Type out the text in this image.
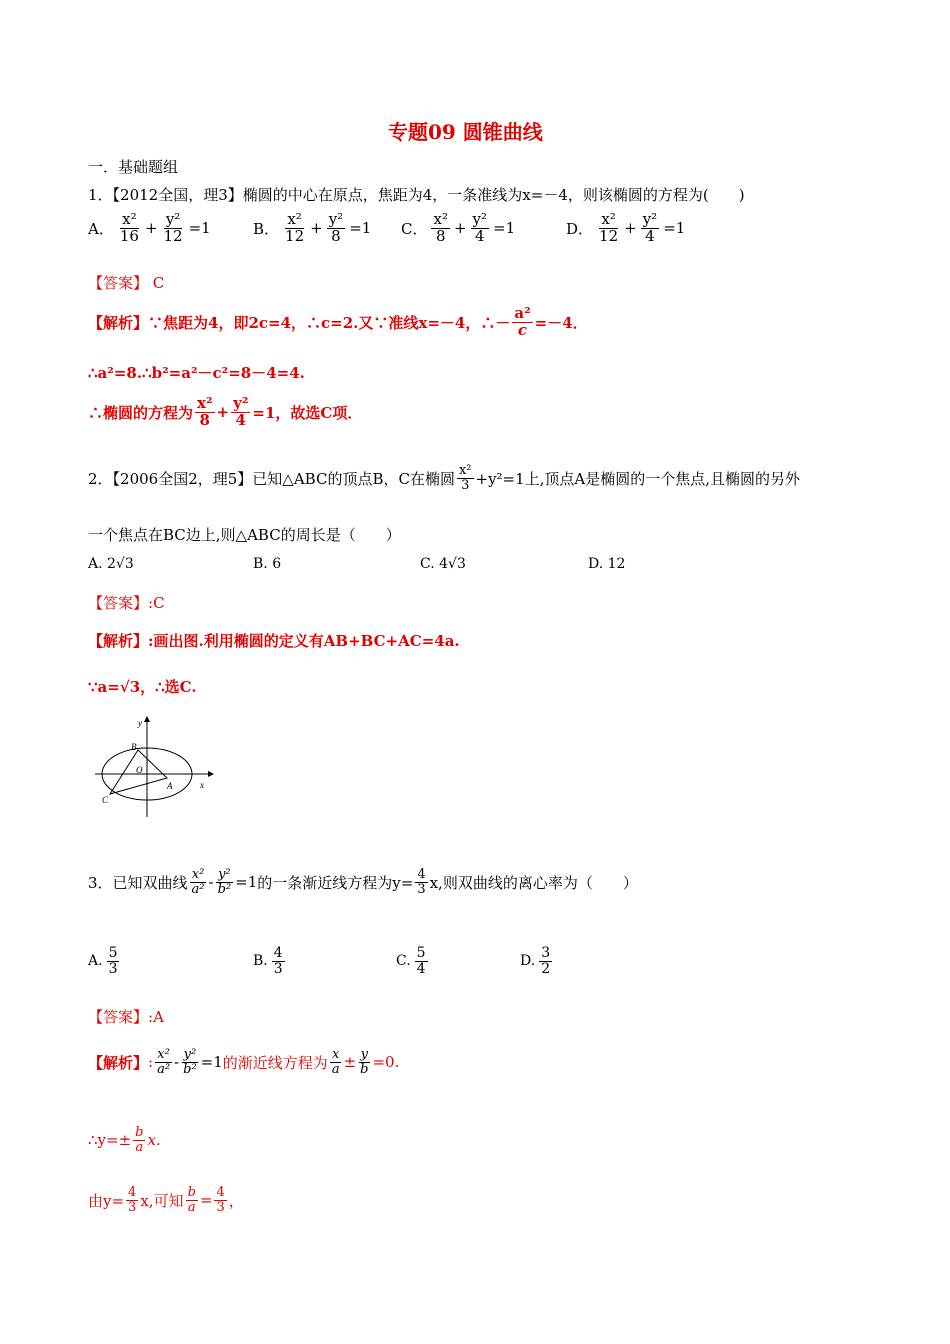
专题09 圆锥曲线
一．基础题组
1．【2012全国，理3】椭圆的中心在原点，焦距为4，一条准线为x=－4，则该椭圆的方程为(　　)
A． $\frac{\text{x²}}{16} + \frac{\text{y²}}{12} =1$	B． $\frac{\text{x²}}{12} + \frac{\text{y²}}{8} =1$ C． $\frac{\text{x²}}{8} + \frac{\text{y²}}{4} =1$	D． $\frac{\text{x²}}{12} + \frac{\text{y²}}{4} =1$
【答案】 C
【解析】 ∵焦距为4，即2c=4，∴c=2.又∵准线x=－4，∴－ $\frac{\text{a²}}{c} =-4$．
∴a²=8.∴b²=a²－c²=8－4=4.
∴椭圆的方程为 $\frac{\text{x²}}{8} + \frac{\text{y²}}{4} =1$，故选C项．
2．【2006全国2，理5】已知△ABC的顶点B，C在椭圆 $\frac{\text{x²}}{3} +y^2=1$上,顶点A是椭圆的一个焦点,且椭圆的另外
一个焦点在BC边上,则△ABC的周长是（　　）
A. 2√3	B. 6	C. 4√3	D. 12
【答案】:C
【解析】:画出图.利用椭圆的定义有AB+BC+AC=4a.
∵a=√3，∴选C.
y
x
B
O
A
C
3．已知双曲线 $\frac{\text{x²}}{\text{a²}} - \frac{\text{y²}}{\text{b²}} =1$ 的一条渐近线方程为$y= \frac{4}{3} x$,则双曲线的离心率为（　　）
A. $\frac{5}{3}$	B. $\frac{4}{3}$	C. $\frac{5}{4}$	D. $\frac{3}{2}$
【答案】:A
【解析】 : $\frac{\text{x²}}{\text{a²}} - \frac{\text{y²}}{\text{b²}} =1$ 的渐近线方程为 $\frac{x}{a} \pm \frac{y}{b} =0$.
∴y=± $\frac{b}{a} x$.
由$y= \frac{4}{3} x$,可知 $\frac{b}{a} = \frac{4}{3}$ ，
